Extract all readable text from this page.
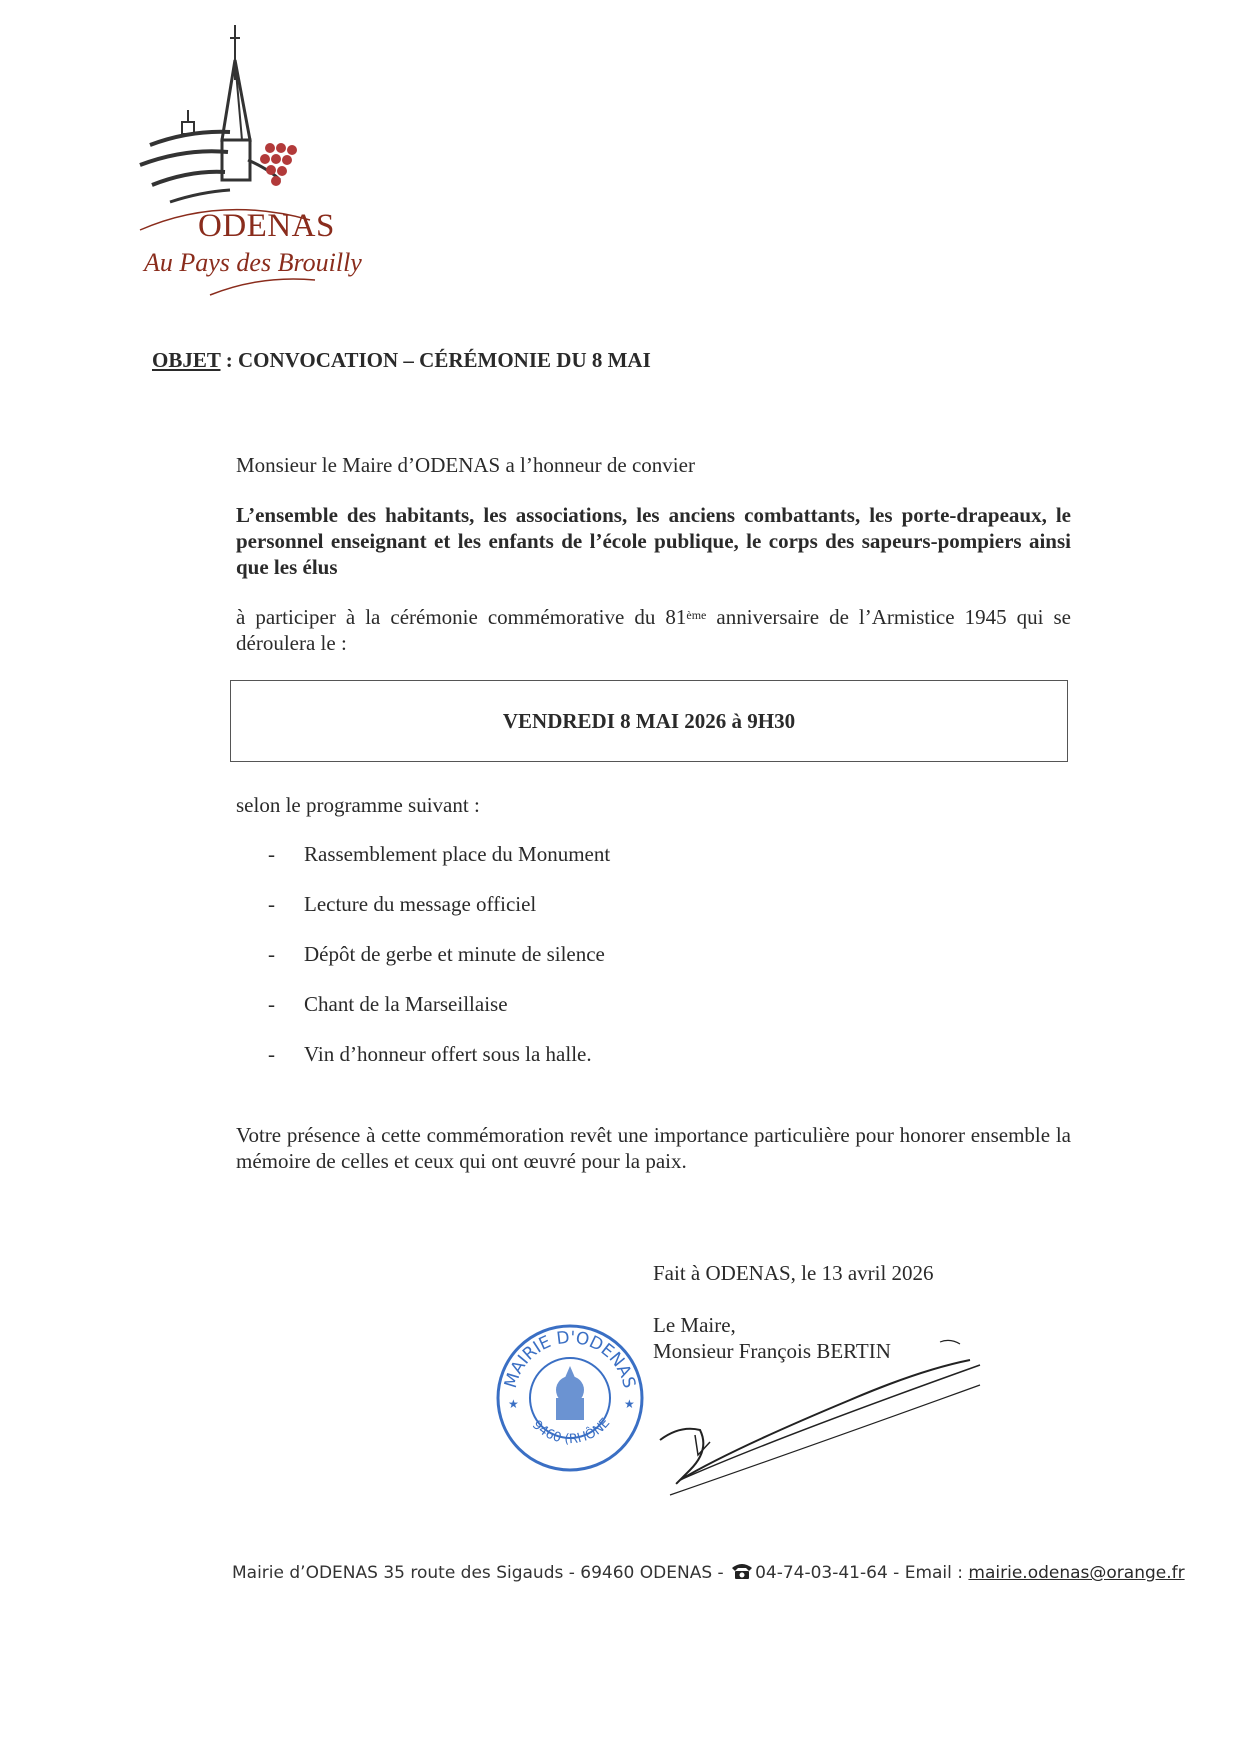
ODENAS
Au Pays des Brouilly
OBJET : CONVOCATION – CÉRÉMONIE DU 8 MAI
Monsieur le Maire d’ODENAS a l’honneur de convier
L’ensemble des habitants, les associations, les anciens combattants, les porte-drapeaux, le personnel enseignant et les enfants de l’école publique, le corps des sapeurs-pompiers ainsi que les élus
à participer à la cérémonie commémorative du 81ème anniversaire de l’Armistice 1945 qui se déroulera le :
VENDREDI 8 MAI 2026 à 9H30
selon le programme suivant :
- Rassemblement place du Monument
- Lecture du message officiel
- Dépôt de gerbe et minute de silence
- Chant de la Marseillaise
- Vin d’honneur offert sous la halle.
Votre présence à cette commémoration revêt une importance particulière pour honorer ensemble la mémoire de celles et ceux qui ont œuvré pour la paix.
Fait à ODENAS, le 13 avril 2026
Le Maire,
Monsieur François BERTIN
MAIRIE D'ODENAS
9460 (RHÔNE
★	★
Mairie d’ODENAS 35 route des Sigauds - 69460 ODENAS - 04-74-03-41-64 - Email : mairie.odenas@orange.fr
